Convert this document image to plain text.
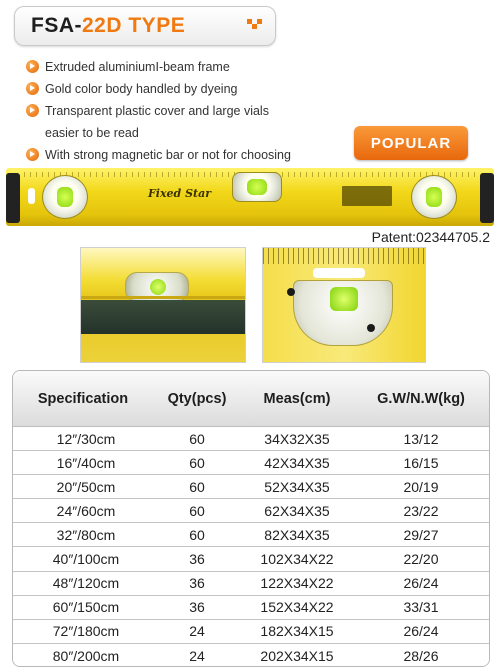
FSA- 22D TYPE
Extruded aluminiumI-beam frame
Gold color body handled by dyeing
Transparent plastic cover and large vials
easier to be read
With strong magnetic bar or not for choosing
POPULAR
Fixed Star
Patent:02344705.2
Specification	Qty(pcs)	Meas(cm)	G.W/N.W(kg)
12″/30cm	60	34X32X35	13/12
16″/40cm	60	42X34X35	16/15
20″/50cm	60	52X34X35	20/19
24″/60cm	60	62X34X35	23/22
32″/80cm	60	82X34X35	29/27
40″/100cm	36	102X34X22	22/20
48″/120cm	36	122X34X22	26/24
60″/150cm	36	152X34X22	33/31
72″/180cm	24	182X34X15	26/24
80″/200cm	24	202X34X15	28/26
